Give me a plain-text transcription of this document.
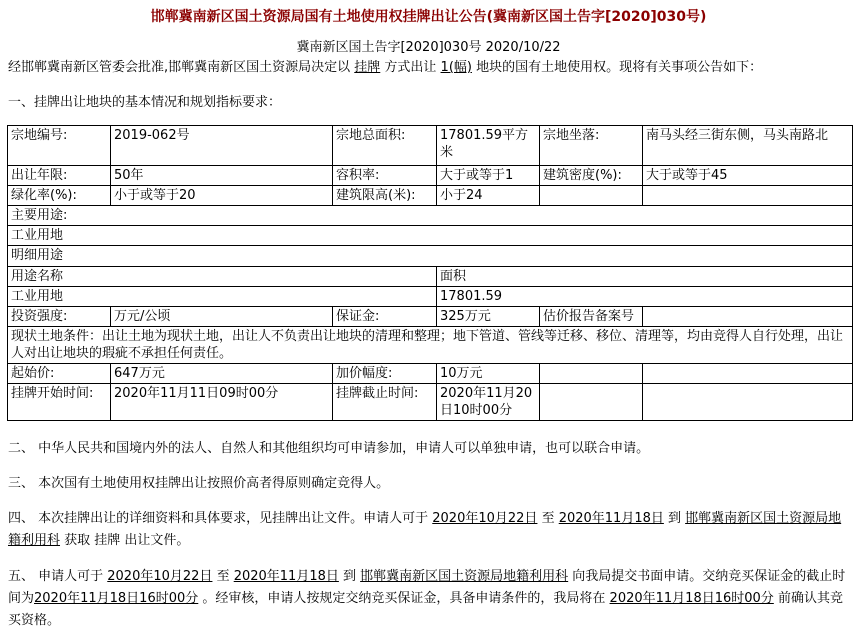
邯郸冀南新区国土资源局国有土地使用权挂牌出让公告(冀南新区国土告字[2020]030号)
冀南新区国土告字[2020]030号 2020/10/22
经邯郸冀南新区管委会批准,邯郸冀南新区国土资源局决定以 挂牌 方式出让 1(幅) 地块的国有土地使用权。现将有关事项公告如下：
一、挂牌出让地块的基本情况和规划指标要求：
宗地编号:	2019-062号	宗地总面积:	17801.59平方米	宗地坐落:	南马头经三街东侧，马头南路北
出让年限:	50年	容积率:	大于或等于1	建筑密度(%):	大于或等于45
绿化率(%):	小于或等于20	建筑限高(米):	小于24		
主要用途:					
工业用地					
明细用途					
用途名称			面积		
工业用地			17801.59		
投资强度:	万元/公顷	保证金:	325万元	估价报告备案号	
现状土地条件：出让土地为现状土地，出让人不负责出让地块的清理和整理；地下管道、管线等迁移、移位、清理等，均由竞得人自行处理，出让人对出让地块的瑕疵不承担任何责任。					
起始价:	647万元	加价幅度:	10万元		
挂牌开始时间:	2020年11月11日09时00分	挂牌截止时间:	2020年11月20日10时00分		
二、 中华人民共和国境内外的法人、自然人和其他组织均可申请参加，申请人可以单独申请，也可以联合申请。
三、 本次国有土地使用权挂牌出让按照价高者得原则确定竞得人。
四、 本次挂牌出让的详细资料和具体要求，见挂牌出让文件。申请人可于 2020年10月22日 至 2020年11月18日 到 邯郸冀南新区国土资源局地籍利用科 获取 挂牌 出让文件。
五、 申请人可于 2020年10月22日 至 2020年11月18日 到 邯郸冀南新区国土资源局地籍利用科 向我局提交书面申请。交纳竞买保证金的截止时间为2020年11月18日16时00分 。经审核，申请人按规定交纳竞买保证金，具备申请条件的，我局将在 2020年11月18日16时00分 前确认其竞买资格。
